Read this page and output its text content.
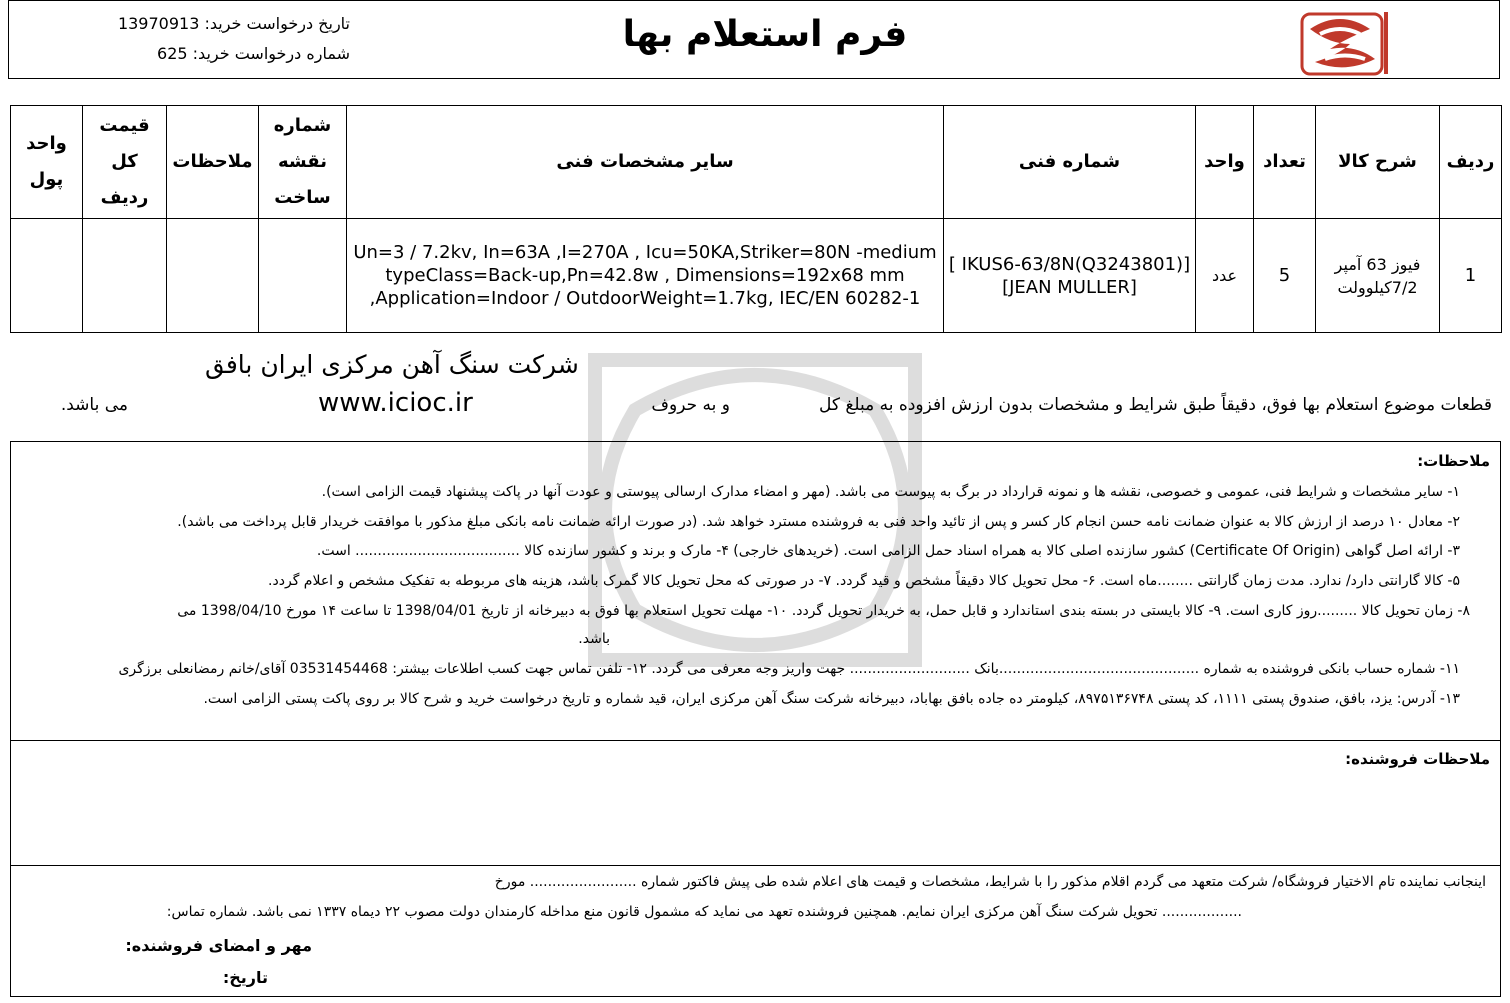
فرم استعلام بها
تاریخ درخواست خرید: 13970913
شماره درخواست خرید: 625
ردیف	شرح کالا	تعداد	واحد	شماره فنی	سایر مشخصات فنی	شماره نقشه ساخت	ملاحظات	قیمت کل ردیف	واحد پول
1	فیوز 63 آمپر 7/2کیلوولت	5	عدد	[ IKUS6-63/8N(Q3243801)] [JEAN MULLER]	Un=3 / 7.2kv, In=63A ,I=270A , Icu=50KA,Striker=80N -medium typeClass=Back-up,Pn=42.8w , Dimensions=192x68 mm ,Application=Indoor / OutdoorWeight=1.7kg, IEC/EN 60282-1				
قطعات موضوع استعلام بها فوق، دقیقاً طبق شرایط و مشخصات بدون ارزش افزوده به مبلغ کل
و به حروف
می باشد.
شرکت سنگ آهن مرکزی ایران بافق
www.icioc.ir
ملاحظات:
۱- سایر مشخصات و شرایط فنی، عمومی و خصوصی، نقشه ها و نمونه قرارداد در برگ به پیوست می باشد. (مهر و امضاء مدارک ارسالی پیوستی و عودت آنها در پاکت پیشنهاد قیمت الزامی است).
۲- معادل ۱۰ درصد از ارزش کالا به عنوان ضمانت نامه حسن انجام کار کسر و پس از تائید واحد فنی به فروشنده مسترد خواهد شد. (در صورت ارائه ضمانت نامه بانکی مبلغ مذکور با موافقت خریدار قابل پرداخت می باشد).
۳- ارائه اصل گواهی (Certificate Of Origin) کشور سازنده اصلی کالا به همراه اسناد حمل الزامی است. (خریدهای خارجی) ۴- مارک و برند و کشور سازنده کالا ..................................... است.
۵- کالا گارانتی دارد/ ندارد. مدت زمان گارانتی ........ماه است. ۶- محل تحویل کالا دقیقاً مشخص و قید گردد. ۷- در صورتی که محل تحویل کالا گمرک باشد، هزینه های مربوطه به تفکیک مشخص و اعلام گردد.
۸- زمان تحویل کالا .........روز کاری است. ۹- کالا بایستی در بسته بندی استاندارد و قابل حمل، به خریدار تحویل گردد. ۱۰- مهلت تحویل استعلام بها فوق به دبیرخانه از تاریخ 1398/04/01 تا ساعت ۱۴ مورخ 1398/04/10 می
باشد.
۱۱- شماره حساب بانکی فروشنده به شماره .............................................بانک ........................... جهت واریز وجه معرفی می گردد. ۱۲- تلفن تماس جهت کسب اطلاعات بیشتر: 03531454468 آقای/خانم رمضانعلی برزگری
۱۳- آدرس: یزد، بافق، صندوق پستی ۱۱۱۱، کد پستی ۸۹۷۵۱۳۶۷۴۸، کیلومتر ده جاده بافق بهاباد، دبیرخانه شرکت سنگ آهن مرکزی ایران، قید شماره و تاریخ درخواست خرید و شرح کالا بر روی پاکت پستی الزامی است.
ملاحظات فروشنده:
اینجانب نماینده تام الاختیار فروشگاه/ شرکت متعهد می گردم اقلام مذکور را با شرایط، مشخصات و قیمت های اعلام شده طی پیش فاکتور شماره ........................ مورخ
.................. تحویل شرکت سنگ آهن مرکزی ایران نمایم. همچنین فروشنده تعهد می نماید که مشمول قانون منع مداخله کارمندان دولت مصوب ۲۲ دیماه ۱۳۳۷ نمی باشد. شماره تماس:
مهر و امضای فروشنده:
تاریخ:
